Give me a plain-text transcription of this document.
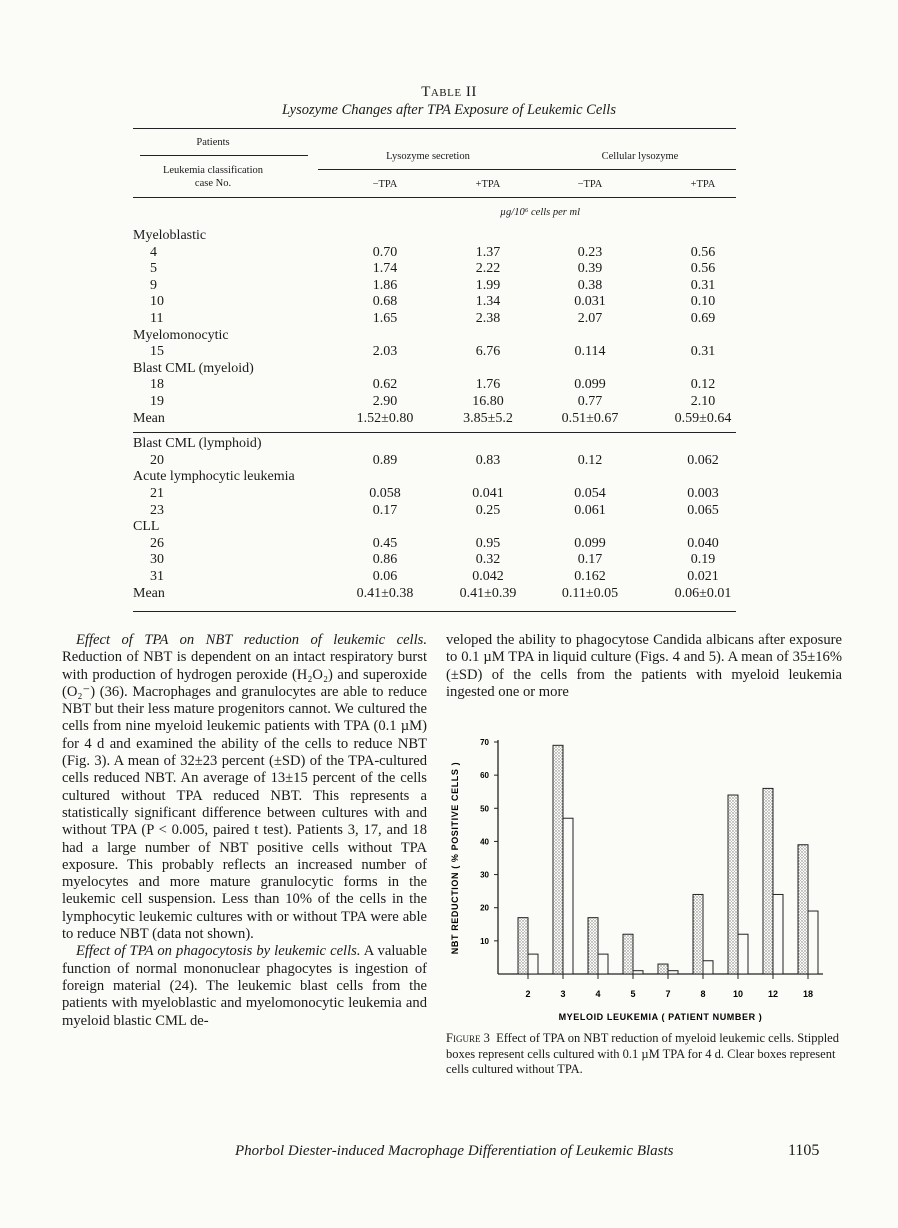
Table II
Lysozyme Changes after TPA Exposure of Leukemic Cells
Patients
Leukemia classification
case No.
Lysozyme secretion	Cellular lysozyme
−TPA	+TPA	−TPA	+TPA
µg/10⁶ cells per ml
Myeloblastic
4	0.70	1.37	0.23	0.56
5	1.74	2.22	0.39	0.56
9	1.86	1.99	0.38	0.31
10	0.68	1.34	0.031	0.10
11	1.65	2.38	2.07	0.69
Myelomonocytic
15	2.03	6.76	0.114	0.31
Blast CML (myeloid)
18	0.62	1.76	0.099	0.12
19	2.90	16.80	0.77	2.10
Mean	1.52±0.80	3.85±5.2	0.51±0.67	0.59±0.64
Blast CML (lymphoid)
20	0.89	0.83	0.12	0.062
Acute lymphocytic leukemia
21	0.058	0.041	0.054	0.003
23	0.17	0.25	0.061	0.065
CLL
26	0.45	0.95	0.099	0.040
30	0.86	0.32	0.17	0.19
31	0.06	0.042	0.162	0.021
Mean	0.41±0.38	0.41±0.39	0.11±0.05	0.06±0.01

Effect of TPA on NBT reduction of leukemic cells. Reduction of NBT is dependent on an intact respiratory burst with production of hydrogen peroxide (H₂O₂) and superoxide (O₂⁻) (36). Macrophages and granulocytes are able to reduce NBT but their less mature progenitors cannot. We cultured the cells from nine myeloid leukemic patients with TPA (0.1 µM) for 4 d and examined the ability of the cells to reduce NBT (Fig. 3). A mean of 32±23 percent (±SD) of the TPA-cultured cells reduced NBT. An average of 13±15 percent of the cells cultured without TPA reduced NBT. This represents a statistically significant difference between cultures with and without TPA (P < 0.005, paired t test). Patients 3, 17, and 18 had a large number of NBT positive cells without TPA exposure. This probably reflects an increased number of myelocytes and more mature granulocytic forms in the leukemic cell suspension. Less than 10% of the cells in the lymphocytic leukemic cultures with or without TPA were able to reduce NBT (data not shown).

Effect of TPA on phagocytosis by leukemic cells. A valuable function of normal mononuclear phagocytes is ingestion of foreign material (24). The leukemic blast cells from the patients with myeloblastic and myelomonocytic leukemia and myeloid blastic CML de-

veloped the ability to phagocytose Candida albicans after exposure to 0.1 µM TPA in liquid culture (Figs. 4 and 5). A mean of 35±16% (±SD) of the cells from the patients with myeloid leukemia ingested one or more

10
20
30
40
50
60
70
2	3	4	5	7	8	10	12	18
MYELOID LEUKEMIA ( PATIENT NUMBER )
NBT REDUCTION ( % POSITIVE CELLS )
Figure 3 Effect of TPA on NBT reduction of myeloid leukemic cells. Stippled boxes represent cells cultured with 0.1 µM TPA for 4 d. Clear boxes represent cells cultured without TPA.
Phorbol Diester-induced Macrophage Differentiation of Leukemic Blasts	1105
